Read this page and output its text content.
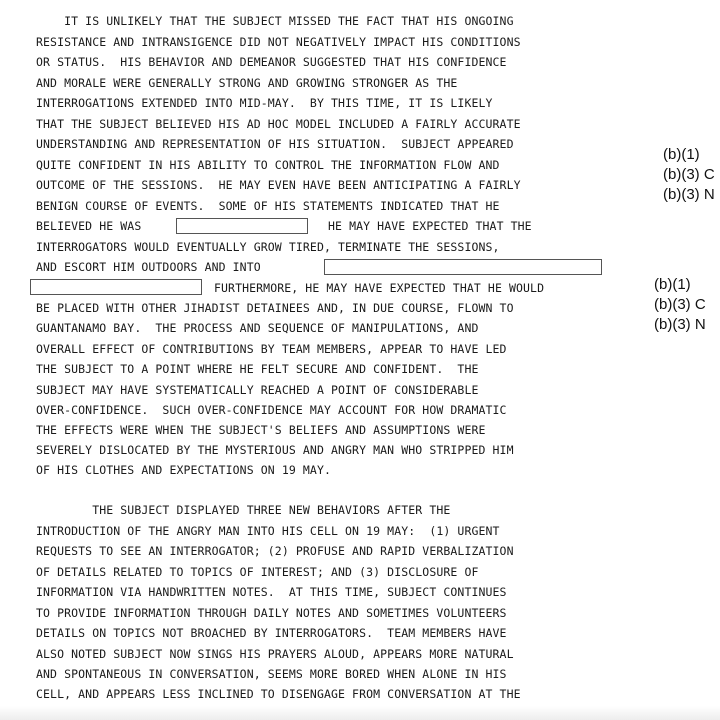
IT IS UNLIKELY THAT THE SUBJECT MISSED THE FACT THAT HIS ONGOING

RESISTANCE AND INTRANSIGENCE DID NOT NEGATIVELY IMPACT HIS CONDITIONS

OR STATUS.  HIS BEHAVIOR AND DEMEANOR SUGGESTED THAT HIS CONFIDENCE

AND MORALE WERE GENERALLY STRONG AND GROWING STRONGER AS THE

INTERROGATIONS EXTENDED INTO MID-MAY.  BY THIS TIME, IT IS LIKELY

THAT THE SUBJECT BELIEVED HIS AD HOC MODEL INCLUDED A FAIRLY ACCURATE

UNDERSTANDING AND REPRESENTATION OF HIS SITUATION.  SUBJECT APPEARED

QUITE CONFIDENT IN HIS ABILITY TO CONTROL THE INFORMATION FLOW AND

OUTCOME OF THE SESSIONS.  HE MAY EVEN HAVE BEEN ANTICIPATING A FAIRLY

BENIGN COURSE OF EVENTS.  SOME OF HIS STATEMENTS INDICATED THAT HE

BELIEVED HE WAS	HE MAY HAVE EXPECTED THAT THE

INTERROGATORS WOULD EVENTUALLY GROW TIRED, TERMINATE THE SESSIONS,

AND ESCORT HIM OUTDOORS AND INTO

FURTHERMORE, HE MAY HAVE EXPECTED THAT HE WOULD

BE PLACED WITH OTHER JIHADIST DETAINEES AND, IN DUE COURSE, FLOWN TO

GUANTANAMO BAY.  THE PROCESS AND SEQUENCE OF MANIPULATIONS, AND

OVERALL EFFECT OF CONTRIBUTIONS BY TEAM MEMBERS, APPEAR TO HAVE LED

THE SUBJECT TO A POINT WHERE HE FELT SECURE AND CONFIDENT.  THE

SUBJECT MAY HAVE SYSTEMATICALLY REACHED A POINT OF CONSIDERABLE

OVER-CONFIDENCE.  SUCH OVER-CONFIDENCE MAY ACCOUNT FOR HOW DRAMATIC

THE EFFECTS WERE WHEN THE SUBJECT'S BELIEFS AND ASSUMPTIONS WERE

SEVERELY DISLOCATED BY THE MYSTERIOUS AND ANGRY MAN WHO STRIPPED HIM

OF HIS CLOTHES AND EXPECTATIONS ON 19 MAY.

THE SUBJECT DISPLAYED THREE NEW BEHAVIORS AFTER THE

INTRODUCTION OF THE ANGRY MAN INTO HIS CELL ON 19 MAY:  (1) URGENT

REQUESTS TO SEE AN INTERROGATOR; (2) PROFUSE AND RAPID VERBALIZATION

OF DETAILS RELATED TO TOPICS OF INTEREST; AND (3) DISCLOSURE OF

INFORMATION VIA HANDWRITTEN NOTES.  AT THIS TIME, SUBJECT CONTINUES

TO PROVIDE INFORMATION THROUGH DAILY NOTES AND SOMETIMES VOLUNTEERS

DETAILS ON TOPICS NOT BROACHED BY INTERROGATORS.  TEAM MEMBERS HAVE

ALSO NOTED SUBJECT NOW SINGS HIS PRAYERS ALOUD, APPEARS MORE NATURAL

AND SPONTANEOUS IN CONVERSATION, SEEMS MORE BORED WHEN ALONE IN HIS

CELL, AND APPEARS LESS INCLINED TO DISENGAGE FROM CONVERSATION AT THE

(b)(1)

(b)(3) C

(b)(3) N

(b)(1)

(b)(3) C

(b)(3) N
